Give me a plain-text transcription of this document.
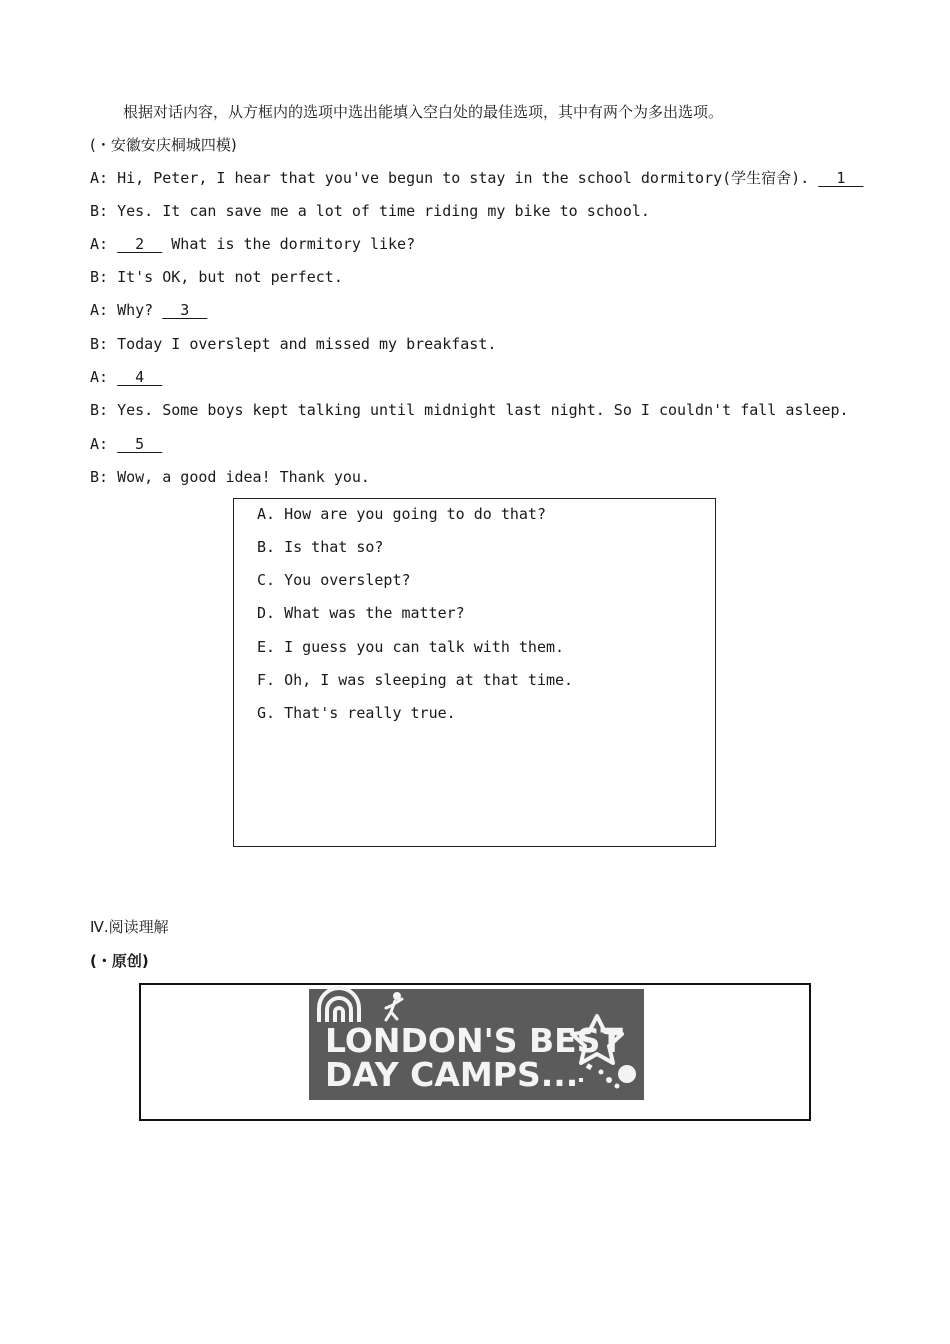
根据对话内容，从方框内的选项中选出能填入空白处的最佳选项，其中有两个为多出选项。
(・安徽安庆桐城四模)
A: Hi, Peter, I hear that you've begun to stay in the school dormitory(学生宿舍).   1
B: Yes. It can save me a lot of time riding my bike to school.
A:   2   What is the dormitory like?
B: It's OK, but not perfect.
A: Why?   3
B: Today I overslept and missed my breakfast.
A:   4
B: Yes. Some boys kept talking until midnight last night. So I couldn't fall asleep.
A:   5
B: Wow, a good idea! Thank you.
A. How are you going to do that?
B. Is that so?
C. You overslept?
D. What was the matter?
E. I guess you can talk with them.
F. Oh, I was sleeping at that time.
G. That's really true.
Ⅳ.阅读理解
(・原创)
LONDON'S BEST
DAY CAMPS...
